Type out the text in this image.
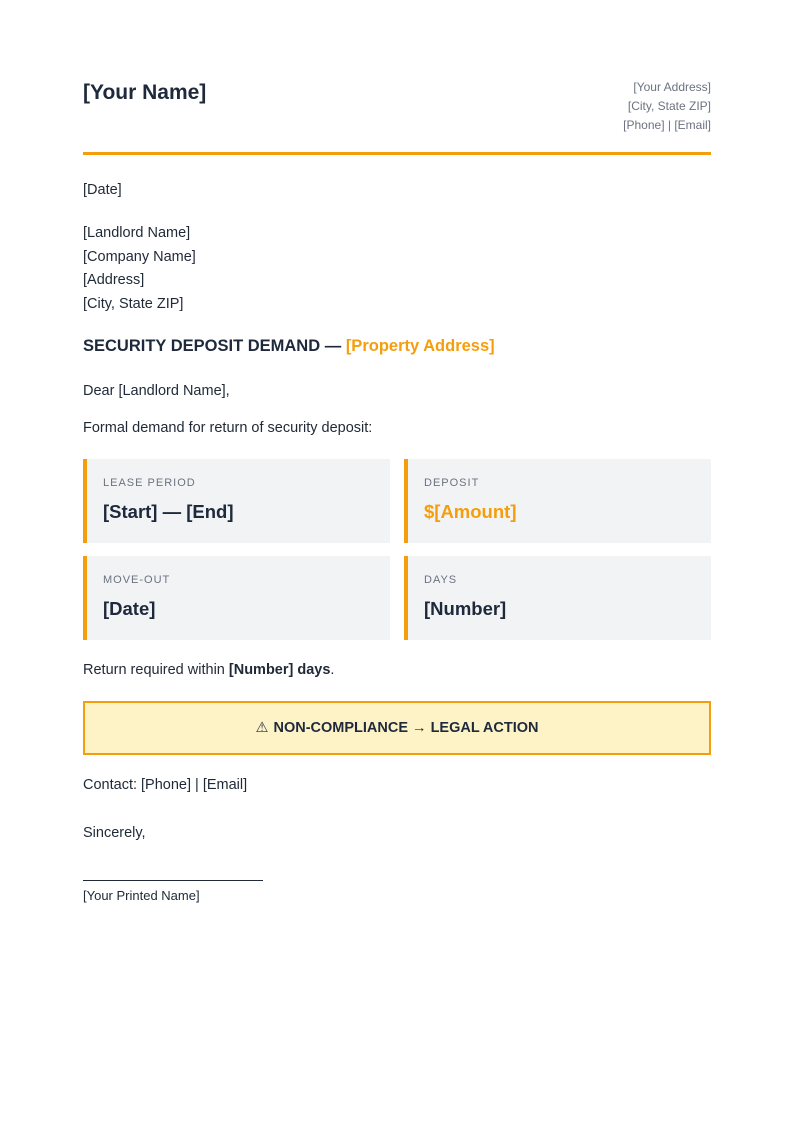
[Your Name]	[Your Address]
[City, State ZIP]
[Phone] | [Email]
[Date]
[Landlord Name]
[Company Name]
[Address]
[City, State ZIP]
SECURITY DEPOSIT DEMAND — [Property Address]
Dear [Landlord Name],
Formal demand for return of security deposit:
LEASE PERIOD
[Start] — [End]
DEPOSIT
$[Amount]
MOVE-OUT
[Date]
DAYS
[Number]
Return required within [Number] days.
⚠ NON-COMPLIANCE → LEGAL ACTION
Contact: [Phone] | [Email]
Sincerely,
[Your Printed Name]
